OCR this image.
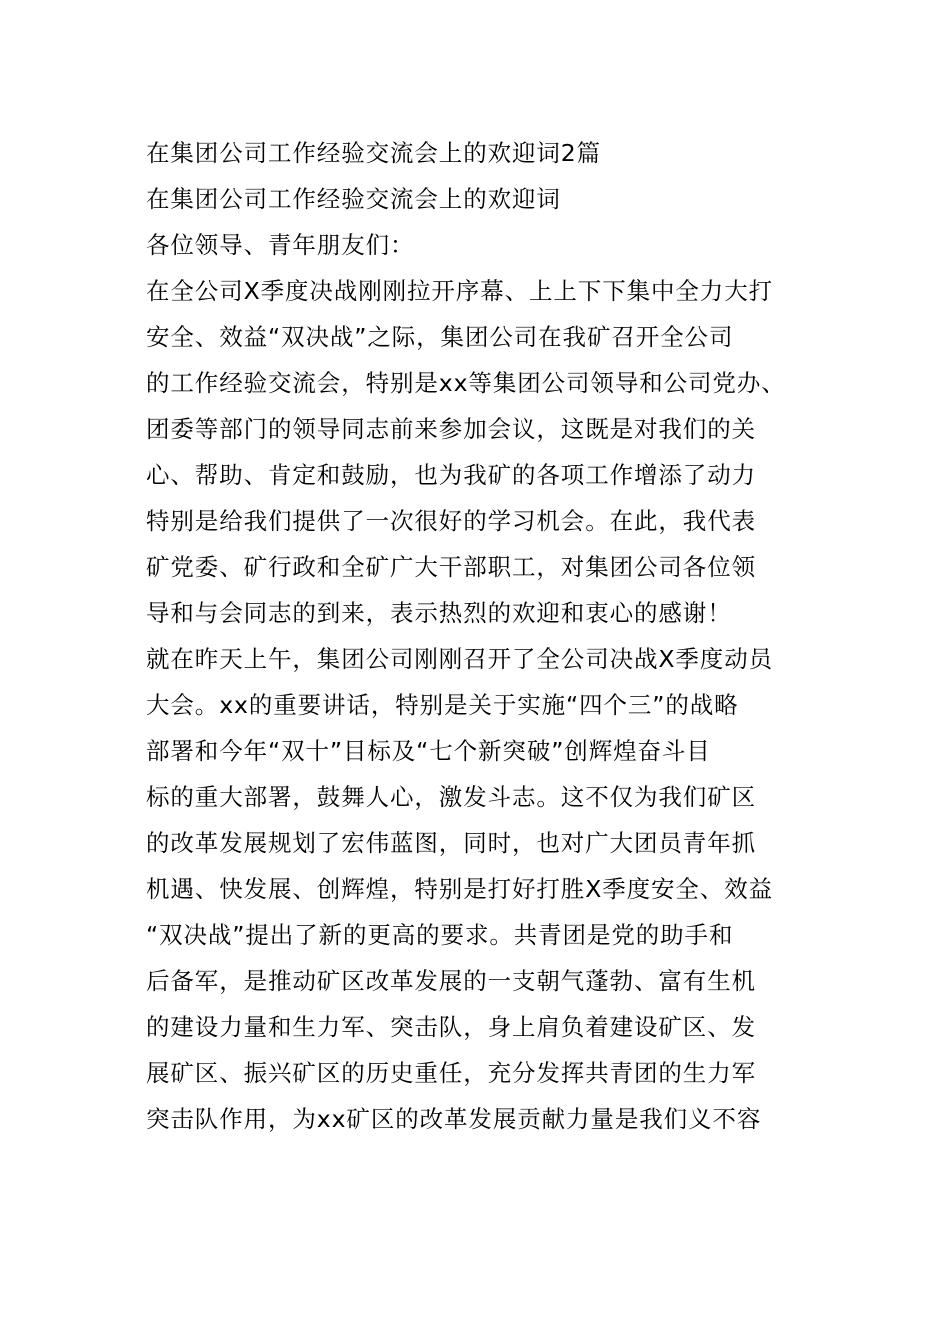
在集团公司工作经验交流会上的欢迎词2篇
在集团公司工作经验交流会上的欢迎词
各位领导、青年朋友们：
在全公司X季度决战刚刚拉开序幕、上上下下集中全力大打
安全、效益“双决战”之际，集团公司在我矿召开全公司
的工作经验交流会，特别是xx等集团公司领导和公司党办、
团委等部门的领导同志前来参加会议，这既是对我们的关
心、帮助、肯定和鼓励，也为我矿的各项工作增添了动力
特别是给我们提供了一次很好的学习机会。在此，我代表
矿党委、矿行政和全矿广大干部职工，对集团公司各位领
导和与会同志的到来，表示热烈的欢迎和衷心的感谢！
就在昨天上午，集团公司刚刚召开了全公司决战X季度动员
大会。xx的重要讲话，特别是关于实施“四个三”的战略
部署和今年“双十”目标及“七个新突破”创辉煌奋斗目
标的重大部署，鼓舞人心，激发斗志。这不仅为我们矿区
的改革发展规划了宏伟蓝图，同时，也对广大团员青年抓
机遇、快发展、创辉煌，特别是打好打胜X季度安全、效益
“双决战”提出了新的更高的要求。共青团是党的助手和
后备军，是推动矿区改革发展的一支朝气蓬勃、富有生机
的建设力量和生力军、突击队，身上肩负着建设矿区、发
展矿区、振兴矿区的历史重任，充分发挥共青团的生力军
突击队作用，为xx矿区的改革发展贡献力量是我们义不容
